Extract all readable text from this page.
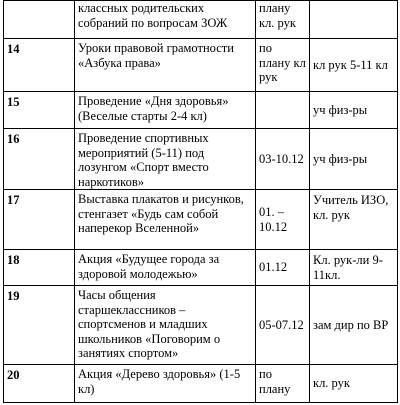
	классных родительских собраний по вопросам ЗОЖ	плану кл. рук	
14	Уроки правовой грамотности «Азбука права»	по плану кл рук	кл рук 5-11 кл
15	Проведение «Дня здоровья» (Веселые старты 2-4 кл)		уч физ-ры
16	Проведение спортивных мероприятий (5-11) под лозунгом «Спорт вместо наркотиков»	03-10.12	уч физ-ры
17	Выставка плакатов и рисунков, стенгазет «Будь сам собой наперекор Вселенной»	01. – 10.12	Учитель ИЗО, кл. рук
18	Акция «Будущее города за здоровой молодежью»	01.12	Кл. рук-ли 9-11кл.
19	Часы общения старшеклассников – спортсменов и младших школьников «Поговорим о занятиях спортом»	05-07.12	зам дир по ВР
20	Акция «Дерево здоровья» (1-5 кл)	по плану	кл. рук
